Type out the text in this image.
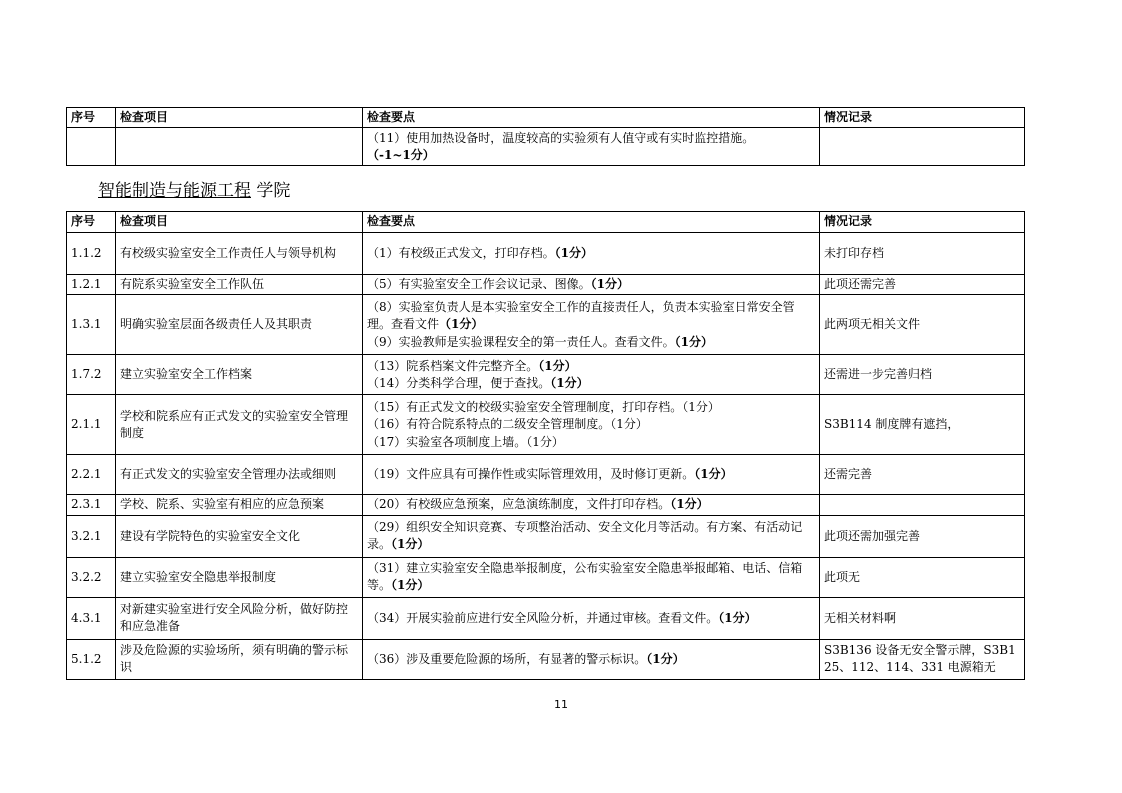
序号	检查项目	检查要点	情况记录

		（11）使用加热设备时，温度较高的实验须有人值守或有实时监控措施。
（-1~1分）	
智能制造与能源工程 学院
序号	检查项目	检查要点	情况记录
1.1.2	有校级实验室安全工作责任人与领导机构	（1）有校级正式发文，打印存档。（1分）	未打印存档
1.2.1	有院系实验室安全工作队伍	（5）有实验室安全工作会议记录、图像。（1分）	此项还需完善
1.3.1	明确实验室层面各级责任人及其职责	（8）实验室负责人是本实验室安全工作的直接责任人，负责本实验室日常安全管理。查看文件（1分）
（9）实验教师是实验课程安全的第一责任人。查看文件。（1分）	此两项无相关文件
1.7.2	建立实验室安全工作档案	（13）院系档案文件完整齐全。（1分）
（14）分类科学合理，便于查找。（1分）	还需进一步完善归档
2.1.1	学校和院系应有正式发文的实验室安全管理制度	（15）有正式发文的校级实验室安全管理制度，打印存档。（1分）
（16）有符合院系特点的二级安全管理制度。（1分）
（17）实验室各项制度上墙。（1分）	S3B114 制度牌有遮挡，
2.2.1	有正式发文的实验室安全管理办法或细则	（19）文件应具有可操作性或实际管理效用，及时修订更新。（1分）	还需完善
2.3.1	学校、院系、实验室有相应的应急预案	（20）有校级应急预案，应急演练制度，文件打印存档。（1分）	
3.2.1	建设有学院特色的实验室安全文化	（29）组织安全知识竞赛、专项整治活动、安全文化月等活动。有方案、有活动记录。（1分）	此项还需加强完善
3.2.2	建立实验室安全隐患举报制度	（31）建立实验室安全隐患举报制度，公布实验室安全隐患举报邮箱、电话、信箱等。（1分）	此项无
4.3.1	对新建实验室进行安全风险分析，做好防控和应急准备	（34）开展实验前应进行安全风险分析，并通过审核。查看文件。（1分）	无相关材料啊
5.1.2	涉及危险源的实验场所，须有明确的警示标识	（36）涉及重要危险源的场所，有显著的警示标识。（1分）	S3B136 设备无安全警示牌，S3B125、112、114、331 电源箱无
11
